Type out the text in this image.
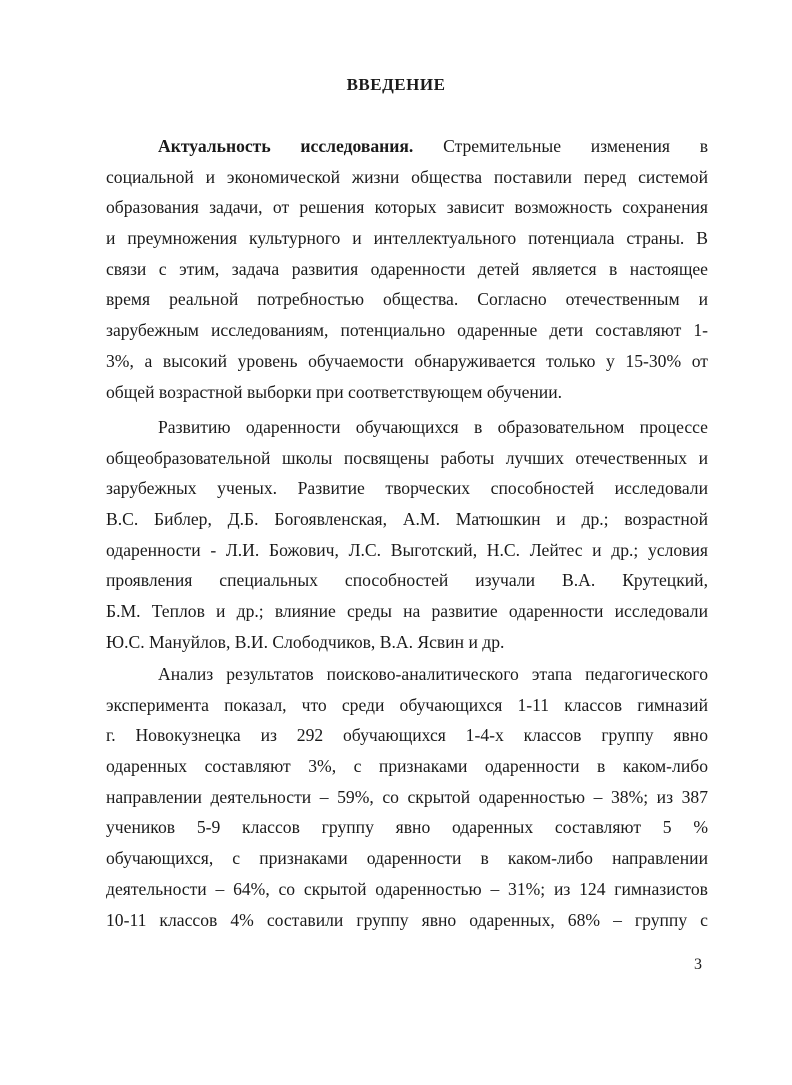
ВВЕДЕНИЕ
Актуальность исследования. Стремительные изменения в
социальной и экономической жизни общества поставили перед системой
образования задачи, от решения которых зависит возможность сохранения
и преумножения культурного и интеллектуального потенциала страны. В
связи с этим, задача развития одаренности детей является в настоящее
время реальной потребностью общества. Согласно отечественным и
зарубежным исследованиям, потенциально одаренные дети составляют 1-
3%, а высокий уровень обучаемости обнаруживается только у 15-30% от
общей возрастной выборки при соответствующем обучении.
Развитию одаренности обучающихся в образовательном процессе
общеобразовательной школы посвящены работы лучших отечественных и
зарубежных ученых. Развитие творческих способностей исследовали
В.С. Библер, Д.Б. Богоявленская, А.М. Матюшкин и др.; возрастной
одаренности - Л.И. Божович, Л.С. Выготский, Н.С. Лейтес и др.; условия
проявления специальных способностей изучали В.А. Крутецкий,
Б.М. Теплов и др.; влияние среды на развитие одаренности исследовали
Ю.С. Мануйлов, В.И. Слободчиков, В.А. Ясвин и др.
Анализ результатов поисково-аналитического этапа педагогического
эксперимента показал, что среди обучающихся 1-11 классов гимназий
г. Новокузнецка из 292 обучающихся 1-4-х классов группу явно
одаренных составляют 3%, с признаками одаренности в каком-либо
направлении деятельности – 59%, со скрытой одаренностью – 38%; из 387
учеников 5-9 классов группу явно одаренных составляют 5 %
обучающихся, с признаками одаренности в каком-либо направлении
деятельности – 64%, со скрытой одаренностью – 31%; из 124 гимназистов
10-11 классов 4% составили группу явно одаренных, 68% – группу с
3
